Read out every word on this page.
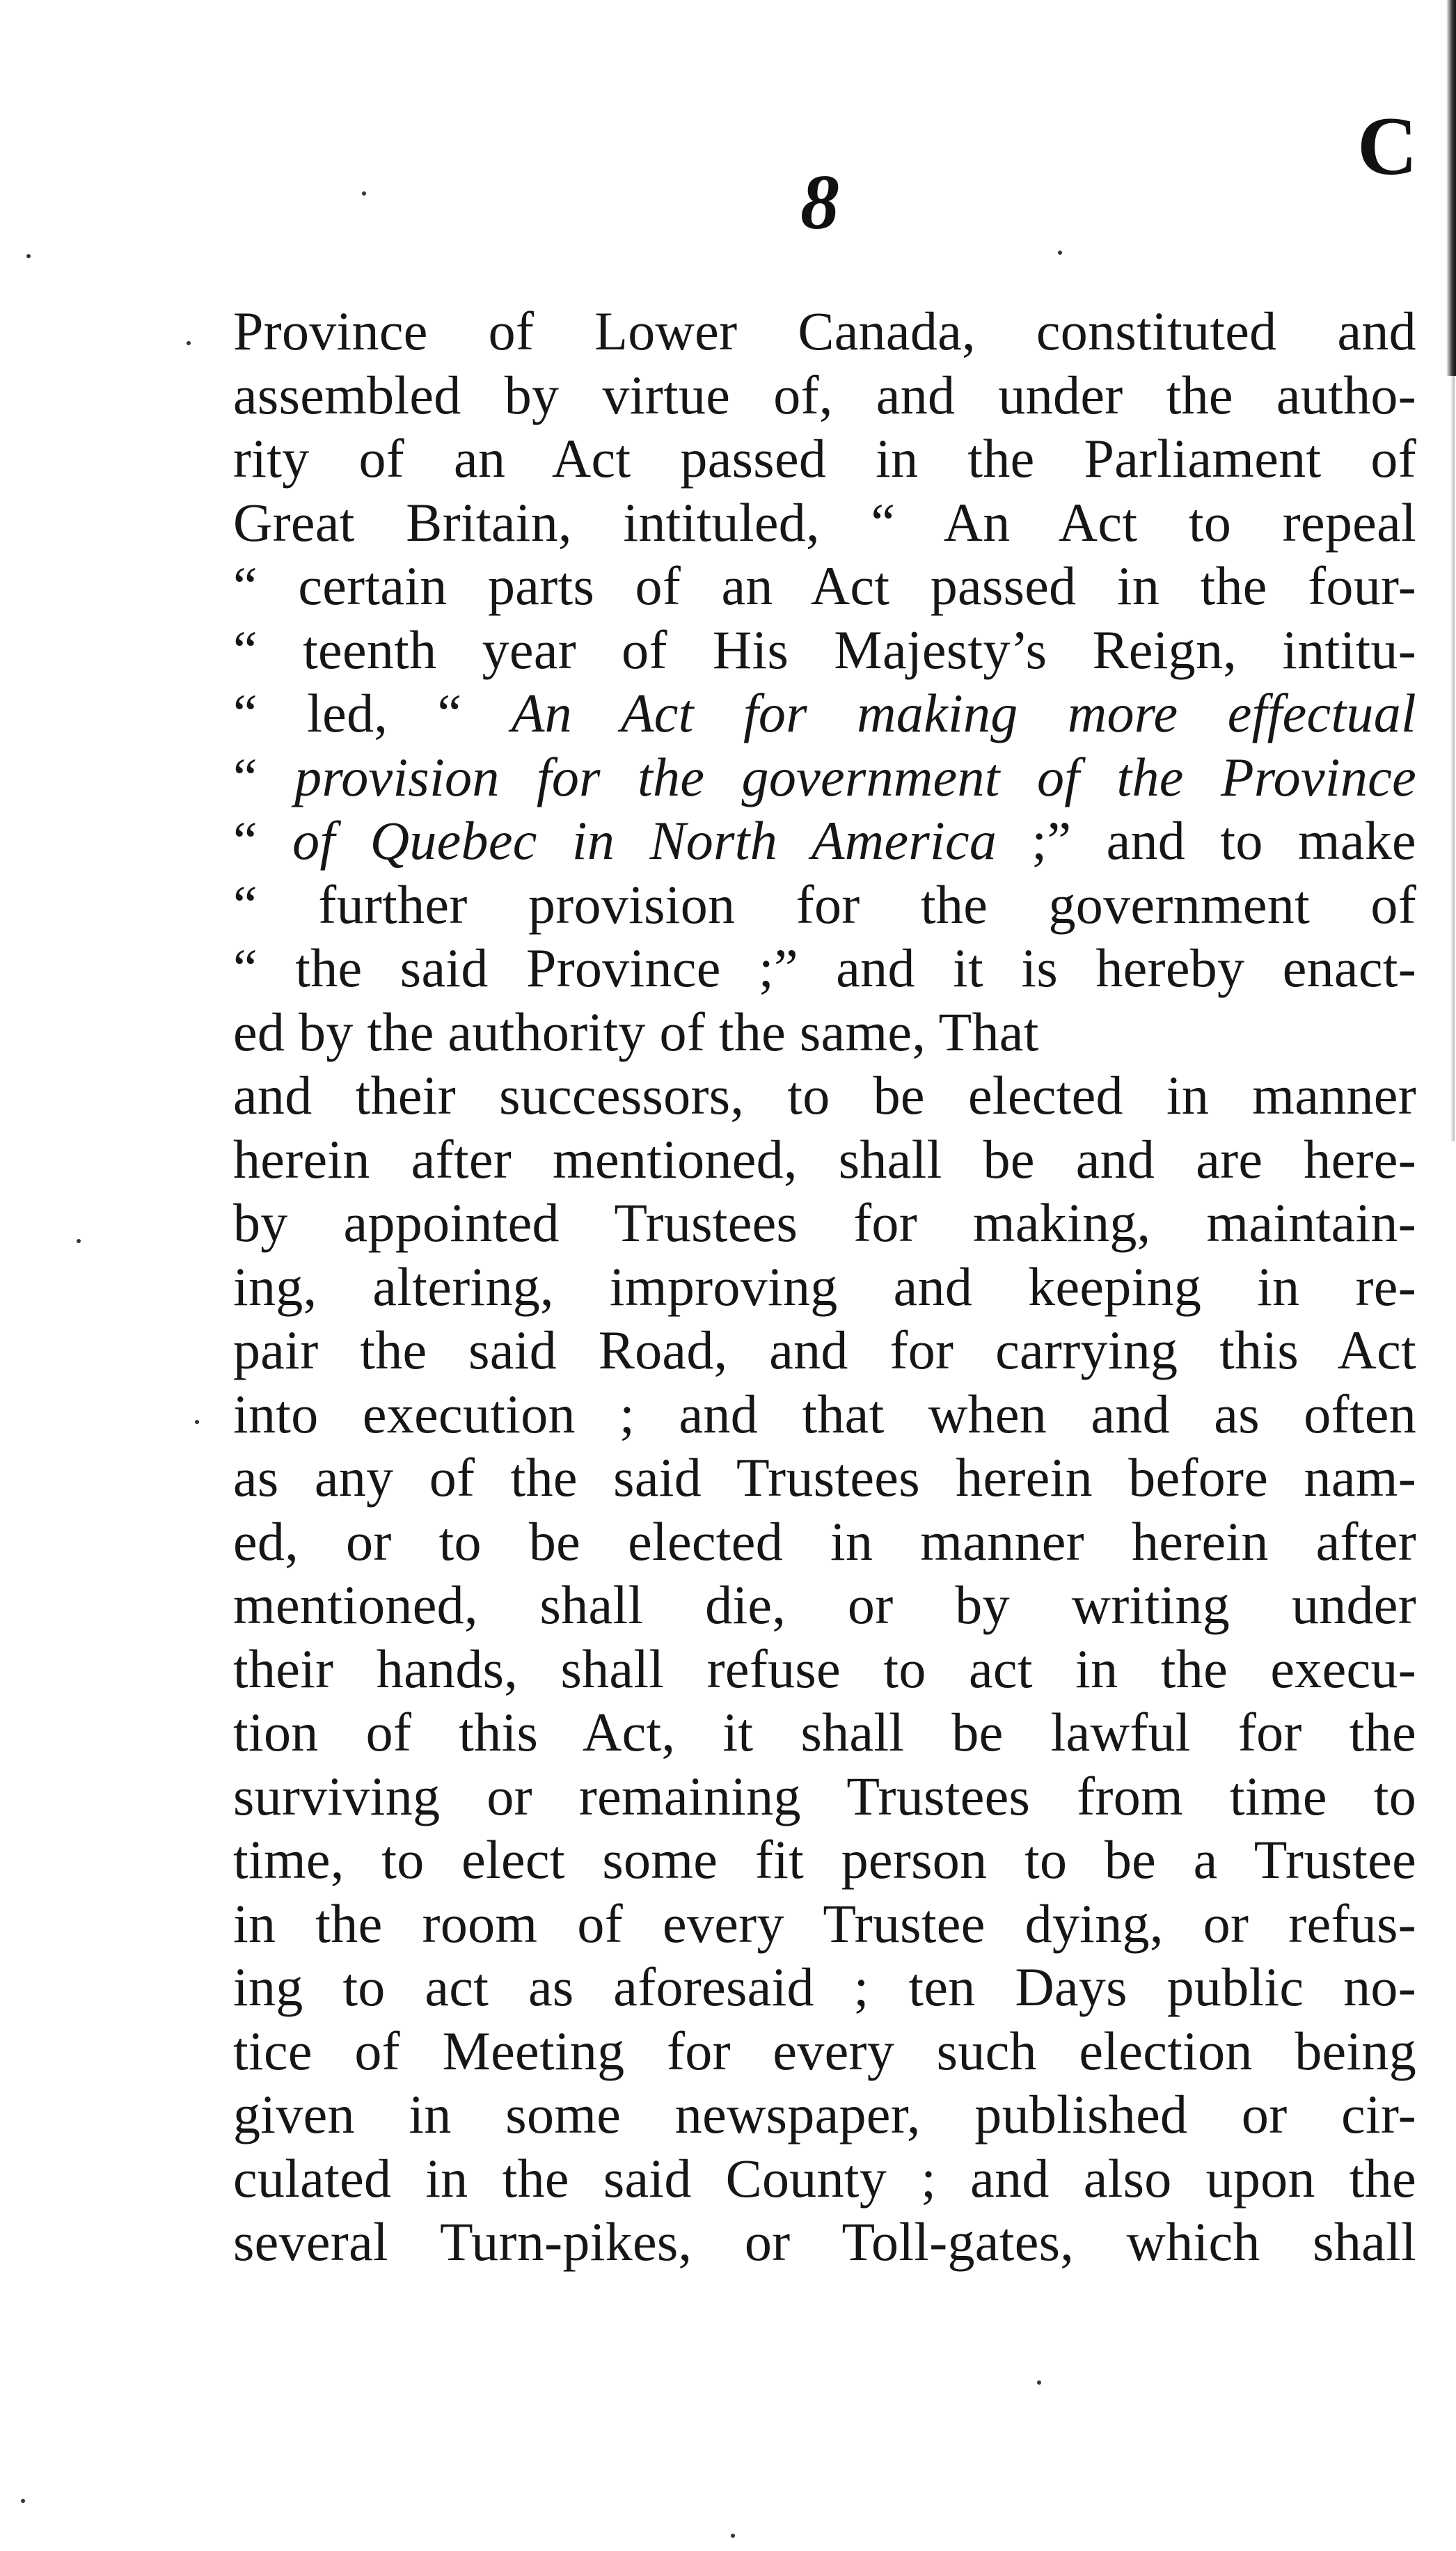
C
8
Province of Lower Canada, constituted and
assembled by virtue of, and under the autho-
rity of an Act passed in the Parliament of
Great Britain, intituled, “ An Act to repeal
“ certain parts of an Act passed in the four-
“ teenth year of His Majesty’s Reign, intitu-
“ led, “ An Act for making more effectual
“ provision for the government of the Province
“ of Quebec in North America ;” and to make
“ further provision for the government of
“ the said Province ;” and it is hereby enact-
ed by the authority of the same, That
and their successors, to be elected in manner
herein after mentioned, shall be and are here-
by appointed Trustees for making, maintain-
ing, altering, improving and keeping in re-
pair the said Road, and for carrying this Act
into execution ; and that when and as often
as any of the said Trustees herein before nam-
ed, or to be elected in manner herein after
mentioned, shall die, or by writing under
their hands, shall refuse to act in the execu-
tion of this Act, it shall be lawful for the
surviving or remaining Trustees from time to
time, to elect some fit person to be a Trustee
in the room of every Trustee dying, or refus-
ing to act as aforesaid ; ten Days public no-
tice of Meeting for every such election being
given in some newspaper, published or cir-
culated in the said County ; and also upon the
several Turn-pikes, or Toll-gates, which shall
